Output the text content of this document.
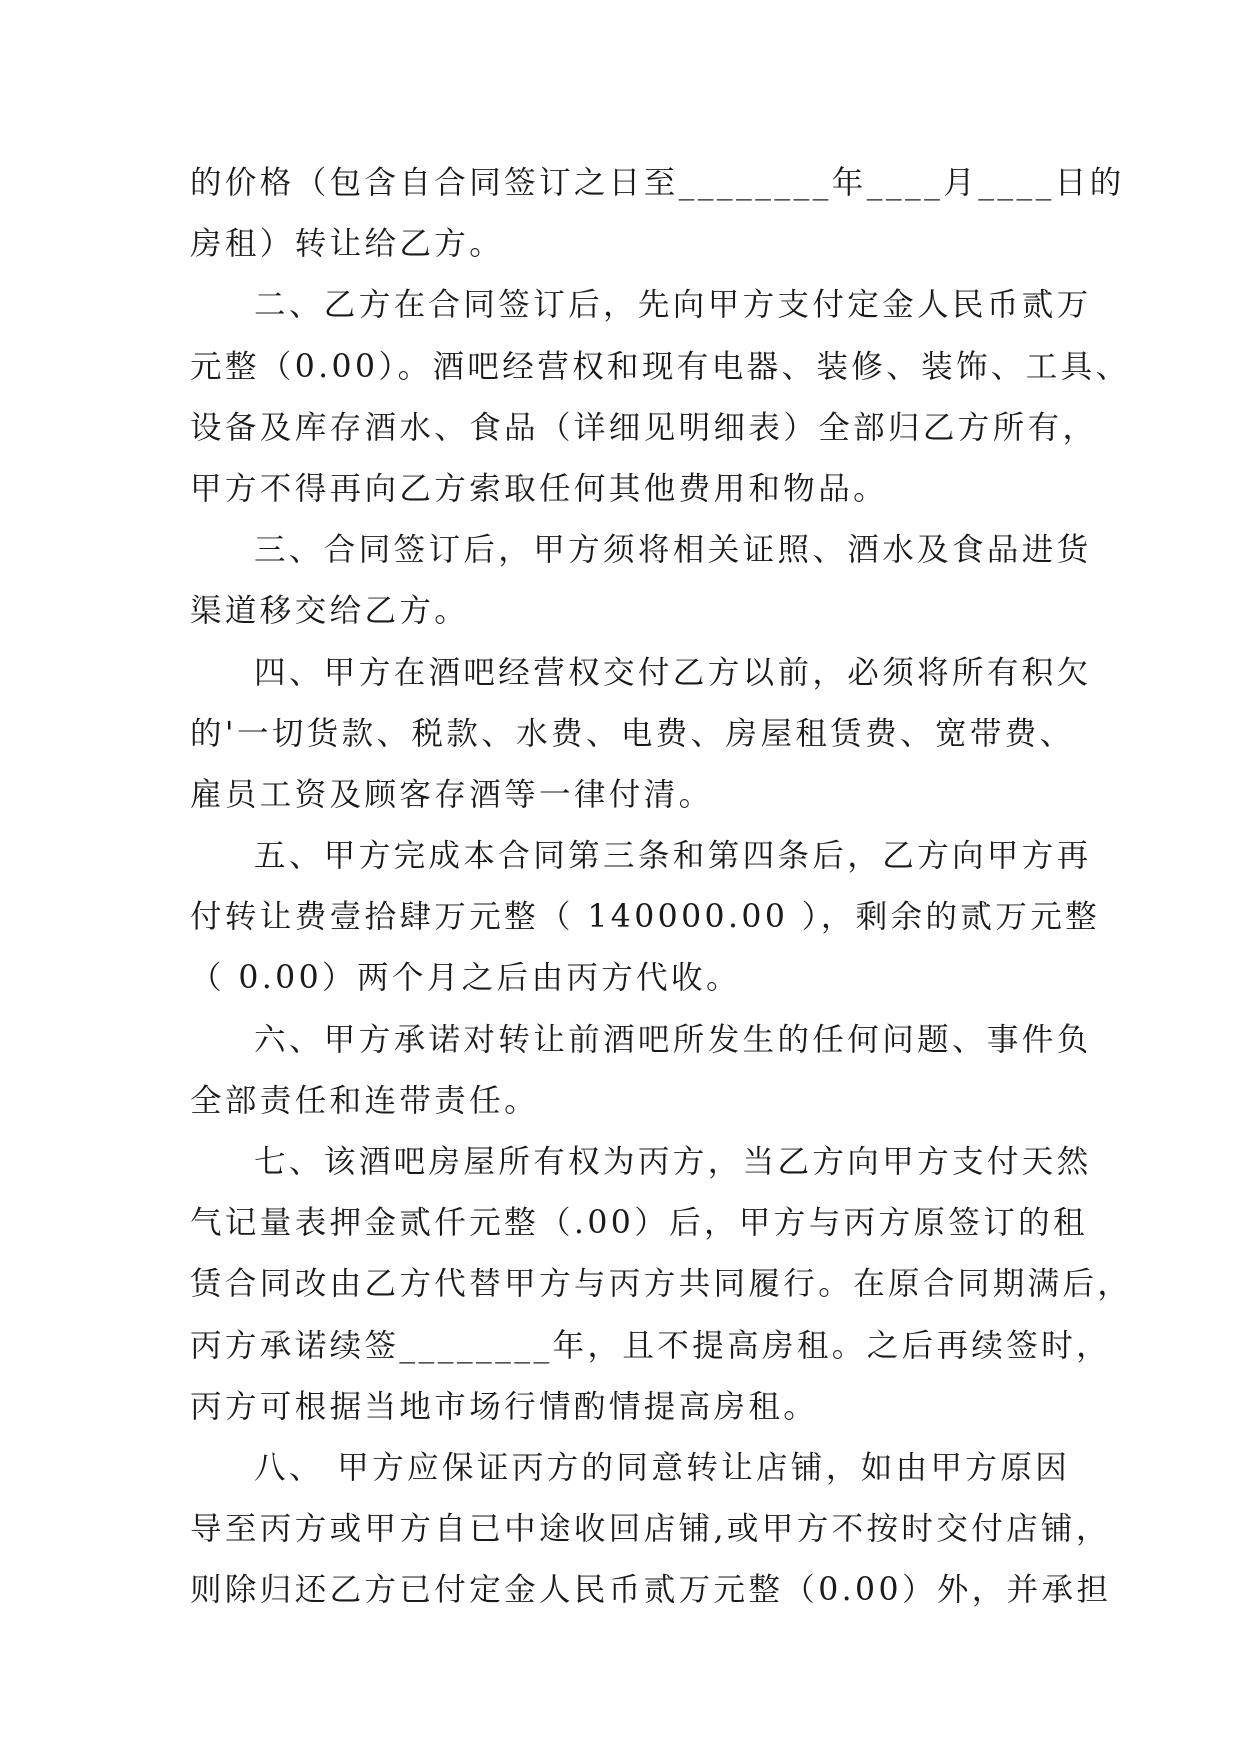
的价格（包含自合同签订之日至________年____月____日的
房租）转让给乙方。
二、乙方在合同签订后，先向甲方支付定金人民币贰万
元整（0.00）。酒吧经营权和现有电器、装修、装饰、工具、
设备及库存酒水、食品（详细见明细表）全部归乙方所有，
甲方不得再向乙方索取任何其他费用和物品。
三、合同签订后，甲方须将相关证照、酒水及食品进货
渠道移交给乙方。
四、甲方在酒吧经营权交付乙方以前，必须将所有积欠
的'一切货款、税款、水费、电费、房屋租赁费、宽带费、
雇员工资及顾客存酒等一律付清。
五、甲方完成本合同第三条和第四条后，乙方向甲方再
付转让费壹拾肆万元整（ 140000.00 ），剩余的贰万元整
（ 0.00）两个月之后由丙方代收。
六、甲方承诺对转让前酒吧所发生的任何问题、事件负
全部责任和连带责任。
七、该酒吧房屋所有权为丙方，当乙方向甲方支付天然
气记量表押金贰仟元整（.00）后，甲方与丙方原签订的租
赁合同改由乙方代替甲方与丙方共同履行。在原合同期满后，
丙方承诺续签________年，且不提高房租。之后再续签时，
丙方可根据当地市场行情酌情提高房租。
八、 甲方应保证丙方的同意转让店铺，如由甲方原因
导至丙方或甲方自已中途收回店铺,或甲方不按时交付店铺，
则除归还乙方已付定金人民币贰万元整（0.00）外，并承担
